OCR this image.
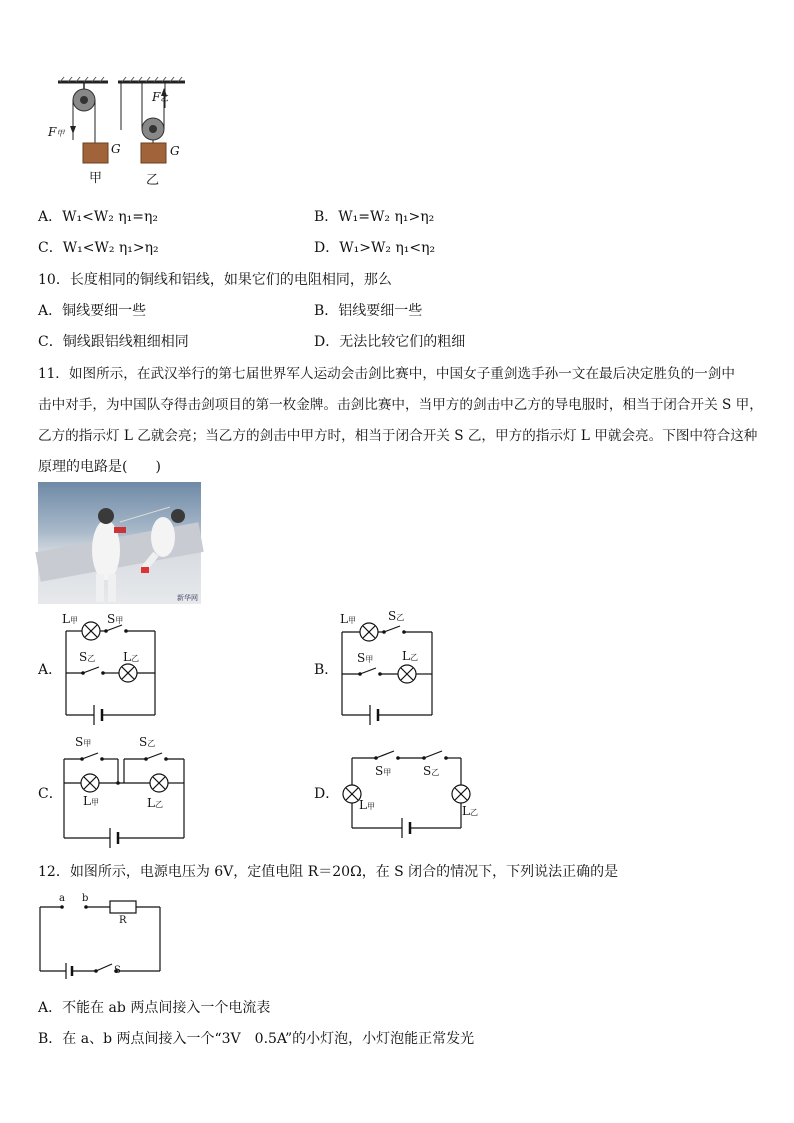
F甲
F乙
G	G
甲	乙
A．W₁<W₂ η₁=η₂	B．W₁=W₂ η₁>η₂
C．W₁<W₂ η₁>η₂	D．W₁>W₂ η₁<η₂
10．长度相同的铜线和铝线，如果它们的电阻相同，那么
A．铜线要细一些	B．铝线要细一些
C．铜线跟铝线粗细相同	D．无法比较它们的粗细
11．如图所示，在武汉举行的第七届世界军人运动会击剑比赛中，中国女子重剑选手孙一文在最后决定胜负的一剑中
击中对手，为中国队夺得击剑项目的第一枚金牌。击剑比赛中，当甲方的剑击中乙方的导电服时，相当于闭合开关 S 甲，
乙方的指示灯 L 乙就会亮；当乙方的剑击中甲方时，相当于闭合开关 S 乙，甲方的指示灯 L 甲就会亮。下图中符合这种
原理的电路是(　　)
新华网
L甲 S甲
S乙 L乙
A．
L甲	S乙
S甲 L乙
B．
S甲	S乙
L甲	L乙
C．
S甲	S乙
L甲	L乙
D．
12．如图所示，电源电压为 6V，定值电阻 R＝20Ω，在 S 闭合的情况下，下列说法正确的是
a b
R
S
A．不能在 ab 两点间接入一个电流表
B．在 a、b 两点间接入一个“3V　0.5A”的小灯泡，小灯泡能正常发光
